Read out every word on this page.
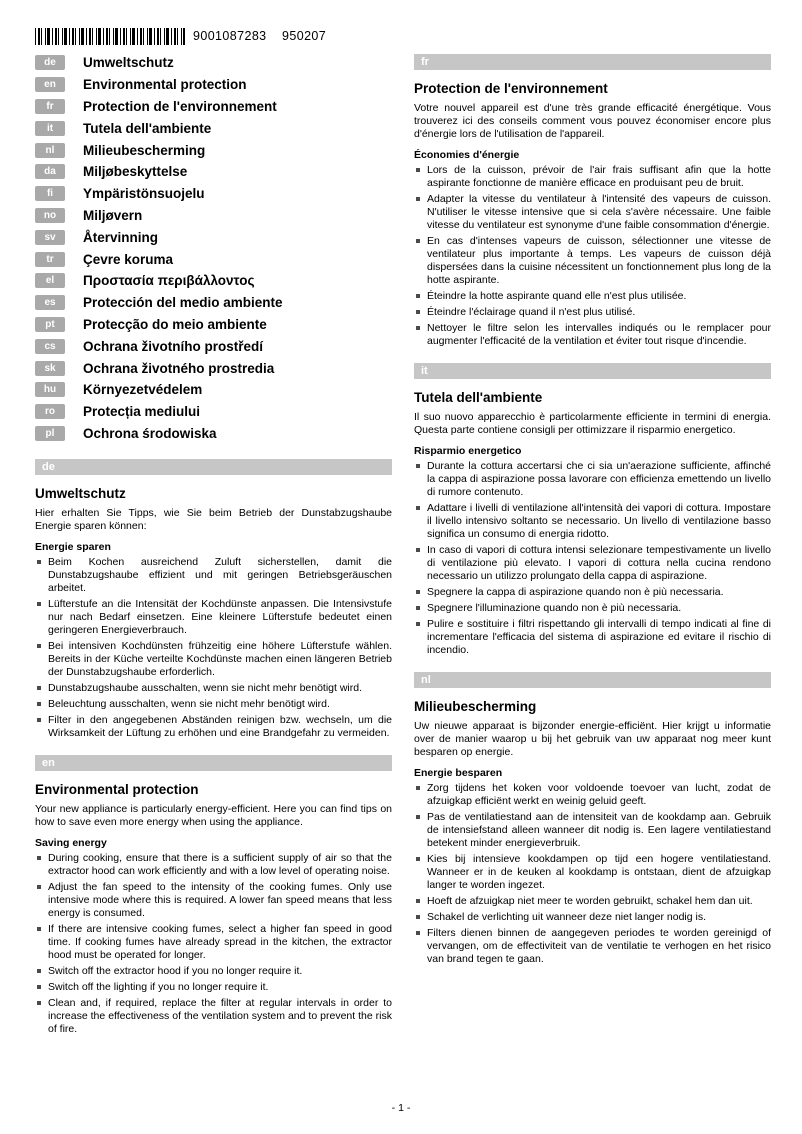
9001087283    950207
de	Umweltschutz
en	Environmental protection
fr	Protection de l'environnement
it	Tutela dell'ambiente
nl	Milieubescherming
da	Miljøbeskyttelse
fi	Ympäristönsuojelu
no	Miljøvern
sv	Återvinning
tr	Çevre koruma
el	Προστασία περιβάλλοντος
es	Protección del medio ambiente
pt	Protecção do meio ambiente
cs	Ochrana životního prostředí
sk	Ochrana životného prostredia
hu	Környezetvédelem
ro	Protecția mediului
pl	Ochrona środowiska
de
Umweltschutz

Hier erhalten Sie Tipps, wie Sie beim Betrieb der Dunstabzugshaube Energie sparen können:

Energie sparen
Beim Kochen ausreichend Zuluft sicherstellen, damit die Dunstabzugshaube effizient und mit geringen Betriebsgeräuschen arbeitet.
Lüfterstufe an die Intensität der Kochdünste anpassen. Die Intensivstufe nur nach Bedarf einsetzen. Eine kleinere Lüfterstufe bedeutet einen geringeren Energieverbrauch.
Bei intensiven Kochdünsten frühzeitig eine höhere Lüfterstufe wählen. Bereits in der Küche verteilte Kochdünste machen einen längeren Betrieb der Dunstabzugshaube erforderlich.
Dunstabzugshaube ausschalten, wenn sie nicht mehr benötigt wird.
Beleuchtung ausschalten, wenn sie nicht mehr benötigt wird.
Filter in den angegebenen Abständen reinigen bzw. wechseln, um die Wirksamkeit der Lüftung zu erhöhen und eine Brandgefahr zu vermeiden.
en
Environmental protection

Your new appliance is particularly energy-efficient. Here you can find tips on how to save even more energy when using the appliance.

Saving energy
During cooking, ensure that there is a sufficient supply of air so that the extractor hood can work efficiently and with a low level of operating noise.
Adjust the fan speed to the intensity of the cooking fumes. Only use intensive mode where this is required. A lower fan speed means that less energy is consumed.
If there are intensive cooking fumes, select a higher fan speed in good time. If cooking fumes have already spread in the kitchen, the extractor hood must be operated for longer.
Switch off the extractor hood if you no longer require it.
Switch off the lighting if you no longer require it.
Clean and, if required, replace the filter at regular intervals in order to increase the effectiveness of the ventilation system and to prevent the risk of fire.
fr
Protection de l'environnement

Votre nouvel appareil est d'une très grande efficacité énergétique. Vous trouverez ici des conseils comment vous pouvez économiser encore plus d'énergie lors de l'utilisation de l'appareil.

Économies d'énergie
Lors de la cuisson, prévoir de l'air frais suffisant afin que la hotte aspirante fonctionne de manière efficace en produisant peu de bruit.
Adapter la vitesse du ventilateur à l'intensité des vapeurs de cuisson. N'utiliser le vitesse intensive que si cela s'avère nécessaire. Une faible vitesse du ventilateur est synonyme d'une faible consommation d'énergie.
En cas d'intenses vapeurs de cuisson, sélectionner une vitesse de ventilateur plus importante à temps. Les vapeurs de cuisson déjà dispersées dans la cuisine nécessitent un fonctionnement plus long de la hotte aspirante.
Éteindre la hotte aspirante quand elle n'est plus utilisée.
Éteindre l'éclairage quand il n'est plus utilisé.
Nettoyer le filtre selon les intervalles indiqués ou le remplacer pour augmenter l'efficacité de la ventilation et éviter tout risque d'incendie.
it
Tutela dell'ambiente

Il suo nuovo apparecchio è particolarmente efficiente in termini di energia. Questa parte contiene consigli per ottimizzare il risparmio energetico.

Risparmio energetico
Durante la cottura accertarsi che ci sia un'aerazione sufficiente, affinché la cappa di aspirazione possa lavorare con efficienza emettendo un livello di rumore contenuto.
Adattare i livelli di ventilazione all'intensità dei vapori di cottura. Impostare il livello intensivo soltanto se necessario. Un livello di ventilazione basso significa un consumo di energia ridotto.
In caso di vapori di cottura intensi selezionare tempestivamente un livello di ventilazione più elevato. I vapori di cottura nella cucina rendono necessario un utilizzo prolungato della cappa di aspirazione.
Spegnere la cappa di aspirazione quando non è più necessaria.
Spegnere l'illuminazione quando non è più necessaria.
Pulire e sostituire i filtri rispettando gli intervalli di tempo indicati al fine di incrementare l'efficacia del sistema di aspirazione ed evitare il rischio di incendio.
nl
Milieubescherming

Uw nieuwe apparaat is bijzonder energie-efficiënt. Hier krijgt u informatie over de manier waarop u bij het gebruik van uw apparaat nog meer kunt besparen op energie.

Energie besparen
Zorg tijdens het koken voor voldoende toevoer van lucht, zodat de afzuigkap efficiënt werkt en weinig geluid geeft.
Pas de ventilatiestand aan de intensiteit van de kookdamp aan. Gebruik de intensiefstand alleen wanneer dit nodig is. Een lagere ventilatiestand betekent minder energieverbruik.
Kies bij intensieve kookdampen op tijd een hogere ventilatiestand. Wanneer er in de keuken al kookdamp is ontstaan, dient de afzuigkap langer te worden ingezet.
Hoeft de afzuigkap niet meer te worden gebruikt, schakel hem dan uit.
Schakel de verlichting uit wanneer deze niet langer nodig is.
Filters dienen binnen de aangegeven periodes te worden gereinigd of vervangen, om de effectiviteit van de ventilatie te verhogen en het risico van brand tegen te gaan.
- 1 -
